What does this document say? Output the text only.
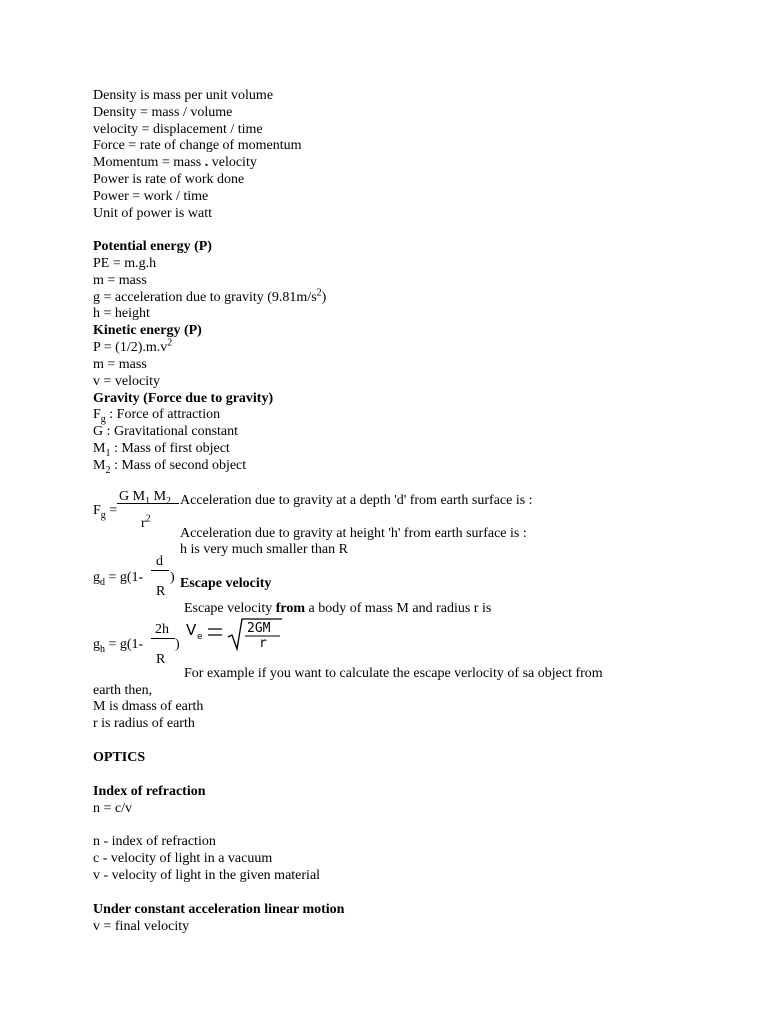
Density is mass per unit volume
Density = mass / volume
velocity = displacement / time
Force = rate of change of momentum
Momentum = mass . velocity
Power is rate of work done
Power = work / time
Unit of power is watt
Potential energy (P)
PE = m.g.h
m = mass
g = acceleration due to gravity $(9.81m/s^2)$
h = height
Kinetic energy (P)
$P = (1/2).m.v^2$
m = mass
v = velocity
Gravity (Force due to gravity)
$F_g$ : Force of attraction
G : Gravitational constant
$M_1$ : Mass of first object
$M_2$ : Mass of second object
G $M_1$ $M_2$
$F_g$ =
$r^2$
Acceleration due to gravity at a depth 'd' from earth surface is :
Acceleration due to gravity at height 'h' from earth surface is :
h is very much smaller than R
d
$g_d = g(1-$ )
R
Escape velocity
Escape velocity from a body of mass M and radius r is
2h
$g_h = g(1-$ )
R
V e
2GM
r
For example if you want to calculate the escape verlocity of sa object from
earth then,
M is dmass of earth
r is radius of earth
OPTICS
Index of refraction
n = c/v
n - index of refraction
c - velocity of light in a vacuum
v - velocity of light in the given material
Under constant acceleration linear motion
v = final velocity
